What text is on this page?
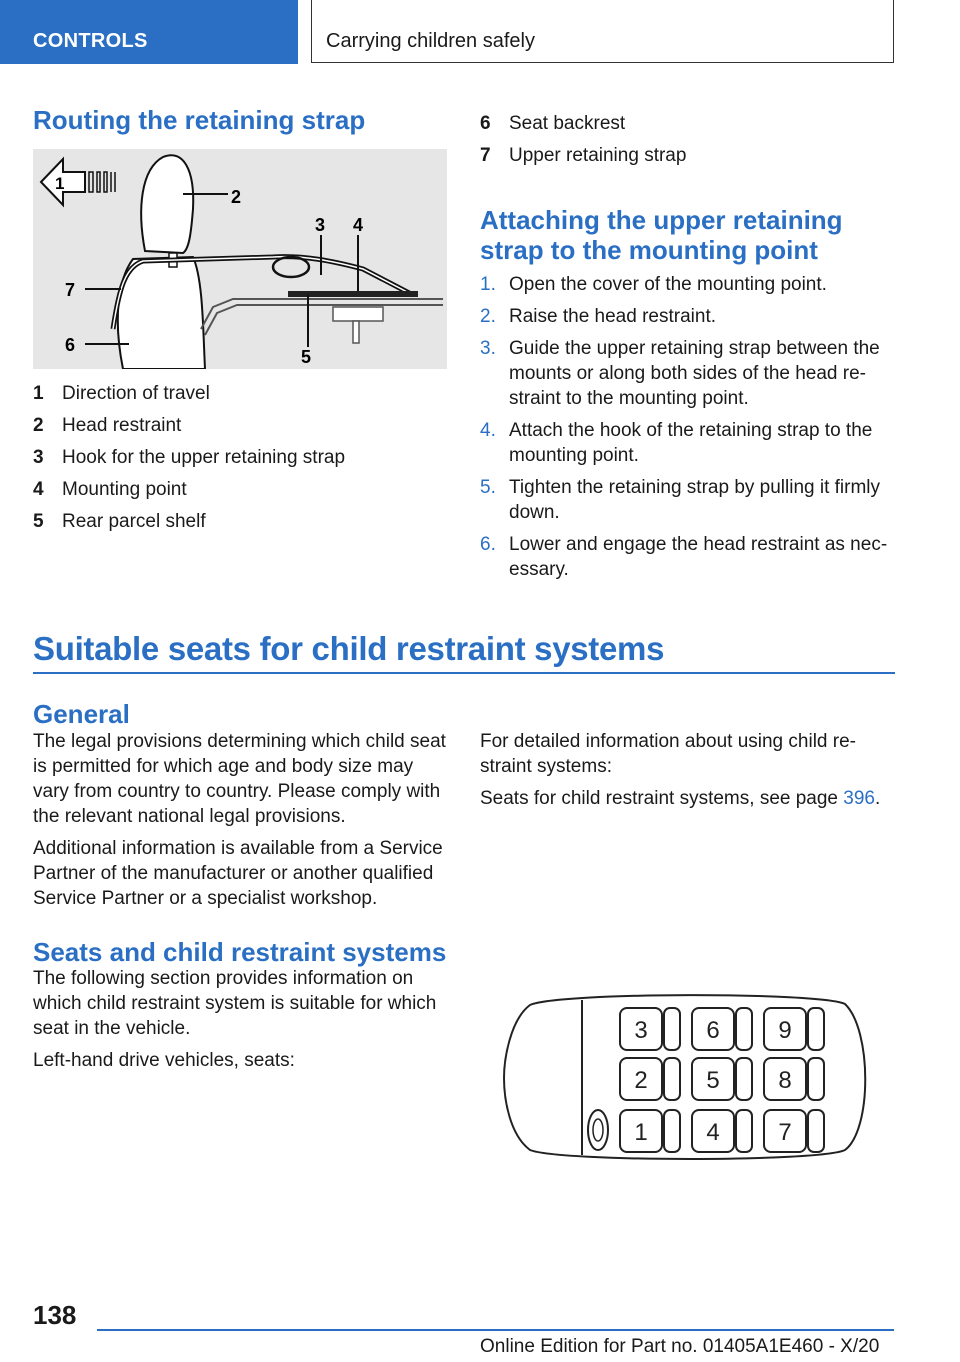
CONTROLS	Carrying children safely
Routing the retaining strap
1
2
3 4
5
6
7
1 Direction of travel
2 Head restraint
3 Hook for the upper retaining strap
4 Mounting point
5 Rear parcel shelf
6 Seat backrest
7 Upper retaining strap
Attaching the upper retaining
strap to the mounting point
1. Open the cover of the mounting point.
2. Raise the head restraint.
3. Guide the upper retaining strap between the mounts or along both sides of the head re-straint to the mounting point.
4. Attach the hook of the retaining strap to the mounting point.
5. Tighten the retaining strap by pulling it firmly down.
6. Lower and engage the head restraint as nec-essary.
Suitable seats for child restraint systems
General

The legal provisions determining which child seat is permitted for which age and body size may vary from country to country. Please comply with the relevant national legal provisions.

Additional information is available from a Service Partner of the manufacturer or another qualified Service Partner or a specialist workshop.

For detailed information about using child re-straint systems:

Seats for child restraint systems, see page 396.

Seats and child restraint systems

The following section provides information on which child restraint system is suitable for which seat in the vehicle.

Left-hand drive vehicles, seats:

3 6 9
2 5 8
1 4 7
138
Online Edition for Part no. 01405A1E460 - X/20
